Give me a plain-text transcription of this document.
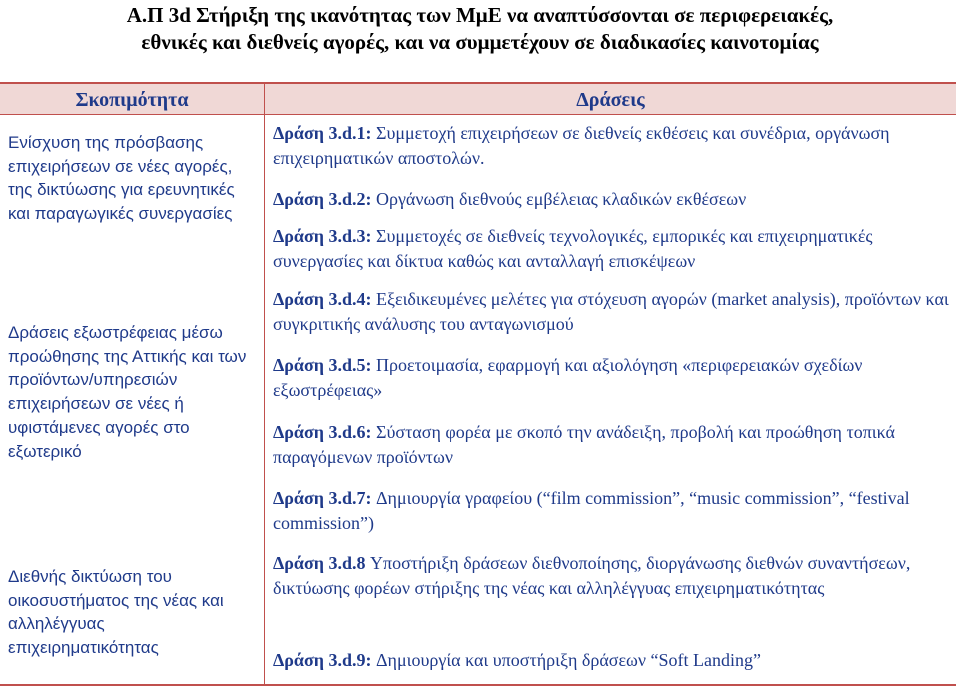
Α.Π 3d Στήριξη της ικανότητας των ΜμΕ να αναπτύσσονται σε περιφερειακές,
εθνικές και διεθνείς αγορές, και να συμμετέχουν σε διαδικασίες καινοτομίας
Σκοπιμότητα	Δράσεις
Ενίσχυση της πρόσβασης επιχειρήσεων σε νέες αγορές, της δικτύωσης για ερευνητικές και παραγωγικές συνεργασίες
Δράσεις εξωστρέφειας μέσω προώθησης της Αττικής και των προϊόντων/υπηρεσιών επιχειρήσεων σε νέες ή υφιστάμενες αγορές στο εξωτερικό
Διεθνής δικτύωση του οικοσυστήματος της νέας και αλληλέγγυας επιχειρηματικότητας
Δράση 3.d.1: Συμμετοχή επιχειρήσεων σε διεθνείς εκθέσεις και συνέδρια, οργάνωση επιχειρηματικών αποστολών.
Δράση 3.d.2: Οργάνωση διεθνούς εμβέλειας κλαδικών εκθέσεων
Δράση 3.d.3: Συμμετοχές σε διεθνείς τεχνολογικές, εμπορικές και επιχειρηματικές συνεργασίες και δίκτυα καθώς και ανταλλαγή επισκέψεων
Δράση 3.d.4: Εξειδικευμένες μελέτες για στόχευση αγορών (market analysis), προϊόντων και συγκριτικής ανάλυσης του ανταγωνισμού
Δράση 3.d.5: Προετοιμασία, εφαρμογή και αξιολόγηση «περιφερειακών σχεδίων εξωστρέφειας»
Δράση 3.d.6: Σύσταση φορέα με σκοπό την ανάδειξη, προβολή και προώθηση τοπικά παραγόμενων προϊόντων
Δράση 3.d.7: Δημιουργία γραφείου (“film commission”, “music commission”, “festival commission”)
Δράση 3.d.8 Υποστήριξη δράσεων διεθνοποίησης, διοργάνωσης διεθνών συναντήσεων, δικτύωσης φορέων στήριξης της νέας και αλληλέγγυας επιχειρηματικότητας
Δράση 3.d.9: Δημιουργία και υποστήριξη δράσεων “Soft Landing”
